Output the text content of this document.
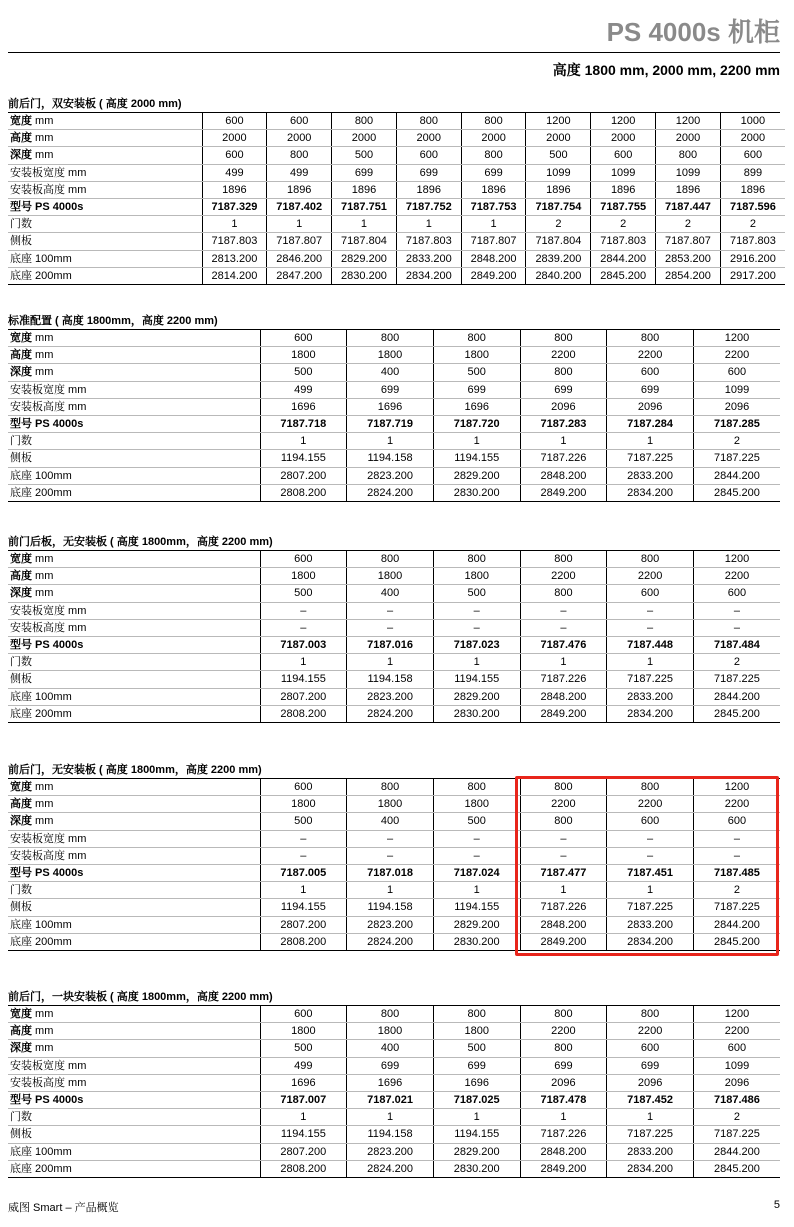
PS 4000s 机柜
高度 1800 mm, 2000 mm, 2200 mm
前后门，双安装板 ( 高度 2000 mm)
宽度 mm	600	600	800	800	800	1200	1200	1200	1000
高度 mm	2000	2000	2000	2000	2000	2000	2000	2000	2000
深度 mm	600	800	500	600	800	500	600	800	600
安装板宽度 mm	499	499	699	699	699	1099	1099	1099	899
安装板高度 mm	1896	1896	1896	1896	1896	1896	1896	1896	1896
型号 PS 4000s	7187.329	7187.402	7187.751	7187.752	7187.753	7187.754	7187.755	7187.447	7187.596
门数	1	1	1	1	1	2	2	2	2
侧板	7187.803	7187.807	7187.804	7187.803	7187.807	7187.804	7187.803	7187.807	7187.803
底座 100mm	2813.200	2846.200	2829.200	2833.200	2848.200	2839.200	2844.200	2853.200	2916.200
底座 200mm	2814.200	2847.200	2830.200	2834.200	2849.200	2840.200	2845.200	2854.200	2917.200
标准配置 ( 高度 1800mm，高度 2200 mm)
宽度 mm	600	800	800	800	800	1200
高度 mm	1800	1800	1800	2200	2200	2200
深度 mm	500	400	500	800	600	600
安装板宽度 mm	499	699	699	699	699	1099
安装板高度 mm	1696	1696	1696	2096	2096	2096
型号 PS 4000s	7187.718	7187.719	7187.720	7187.283	7187.284	7187.285
门数	1	1	1	1	1	2
侧板	1194.155	1194.158	1194.155	7187.226	7187.225	7187.225
底座 100mm	2807.200	2823.200	2829.200	2848.200	2833.200	2844.200
底座 200mm	2808.200	2824.200	2830.200	2849.200	2834.200	2845.200
前门后板，无安装板 ( 高度 1800mm，高度 2200 mm)
宽度 mm	600	800	800	800	800	1200
高度 mm	1800	1800	1800	2200	2200	2200
深度 mm	500	400	500	800	600	600
安装板宽度 mm	–	–	–	–	–	–
安装板高度 mm	–	–	–	–	–	–
型号 PS 4000s	7187.003	7187.016	7187.023	7187.476	7187.448	7187.484
门数	1	1	1	1	1	2
侧板	1194.155	1194.158	1194.155	7187.226	7187.225	7187.225
底座 100mm	2807.200	2823.200	2829.200	2848.200	2833.200	2844.200
底座 200mm	2808.200	2824.200	2830.200	2849.200	2834.200	2845.200
前后门，无安装板 ( 高度 1800mm，高度 2200 mm)
宽度 mm	600	800	800	800	800	1200
高度 mm	1800	1800	1800	2200	2200	2200
深度 mm	500	400	500	800	600	600
安装板宽度 mm	–	–	–	–	–	–
安装板高度 mm	–	–	–	–	–	–
型号 PS 4000s	7187.005	7187.018	7187.024	7187.477	7187.451	7187.485
门数	1	1	1	1	1	2
侧板	1194.155	1194.158	1194.155	7187.226	7187.225	7187.225
底座 100mm	2807.200	2823.200	2829.200	2848.200	2833.200	2844.200
底座 200mm	2808.200	2824.200	2830.200	2849.200	2834.200	2845.200
前后门，一块安装板 ( 高度 1800mm，高度 2200 mm)
宽度 mm	600	800	800	800	800	1200
高度 mm	1800	1800	1800	2200	2200	2200
深度 mm	500	400	500	800	600	600
安装板宽度 mm	499	699	699	699	699	1099
安装板高度 mm	1696	1696	1696	2096	2096	2096
型号 PS 4000s	7187.007	7187.021	7187.025	7187.478	7187.452	7187.486
门数	1	1	1	1	1	2
侧板	1194.155	1194.158	1194.155	7187.226	7187.225	7187.225
底座 100mm	2807.200	2823.200	2829.200	2848.200	2833.200	2844.200
底座 200mm	2808.200	2824.200	2830.200	2849.200	2834.200	2845.200
威图 Smart – 产品概览	5
